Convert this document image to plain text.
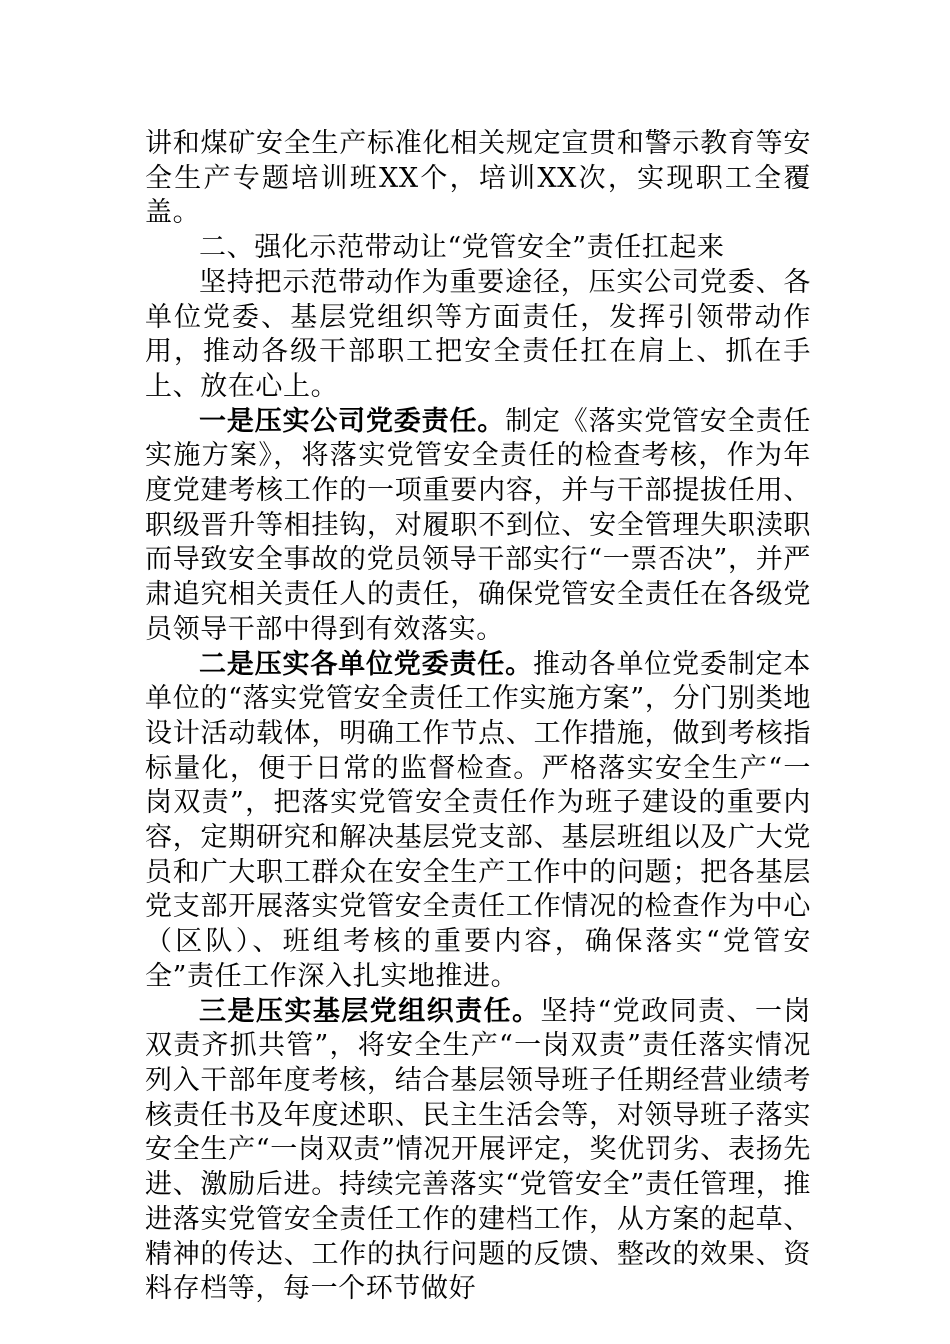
讲和煤矿安全生产标准化相关规定宣贯和警示教育等安全生产专题培训班XX个，培训XX次，实现职工全覆盖。

二、强化示范带动让“党管安全”责任扛起来

坚持把示范带动作为重要途径，压实公司党委、各单位党委、基层党组织等方面责任，发挥引领带动作用，推动各级干部职工把安全责任扛在肩上、抓在手上、放在心上。

一是压实公司党委责任。制定《落实党管安全责任实施方案》，将落实党管安全责任的检查考核，作为年度党建考核工作的一项重要内容，并与干部提拔任用、职级晋升等相挂钩，对履职不到位、安全管理失职渎职而导致安全事故的党员领导干部实行“一票否决”，并严肃追究相关责任人的责任，确保党管安全责任在各级党员领导干部中得到有效落实。

二是压实各单位党委责任。推动各单位党委制定本单位的“落实党管安全责任工作实施方案”，分门别类地设计活动载体，明确工作节点、工作措施，做到考核指标量化，便于日常的监督检查。严格落实安全生产“一岗双责”，把落实党管安全责任作为班子建设的重要内容，定期研究和解决基层党支部、基层班组以及广大党员和广大职工群众在安全生产工作中的问题；把各基层党支部开展落实党管安全责任工作情况的检查作为中心（区队）、班组考核的重要内容，确保落实“党管安全”责任工作深入扎实地推进。

三是压实基层党组织责任。坚持“党政同责、一岗双责齐抓共管”，将安全生产“一岗双责”责任落实情况列入干部年度考核，结合基层领导班子任期经营业绩考核责任书及年度述职、民主生活会等，对领导班子落实安全生产“一岗双责”情况开展评定，奖优罚劣、表扬先进、激励后进。持续完善落实“党管安全”责任管理，推进落实党管安全责任工作的建档工作，从方案的起草、精神的传达、工作的执行问题的反馈、整改的效果、资料存档等，每一个环节做好
